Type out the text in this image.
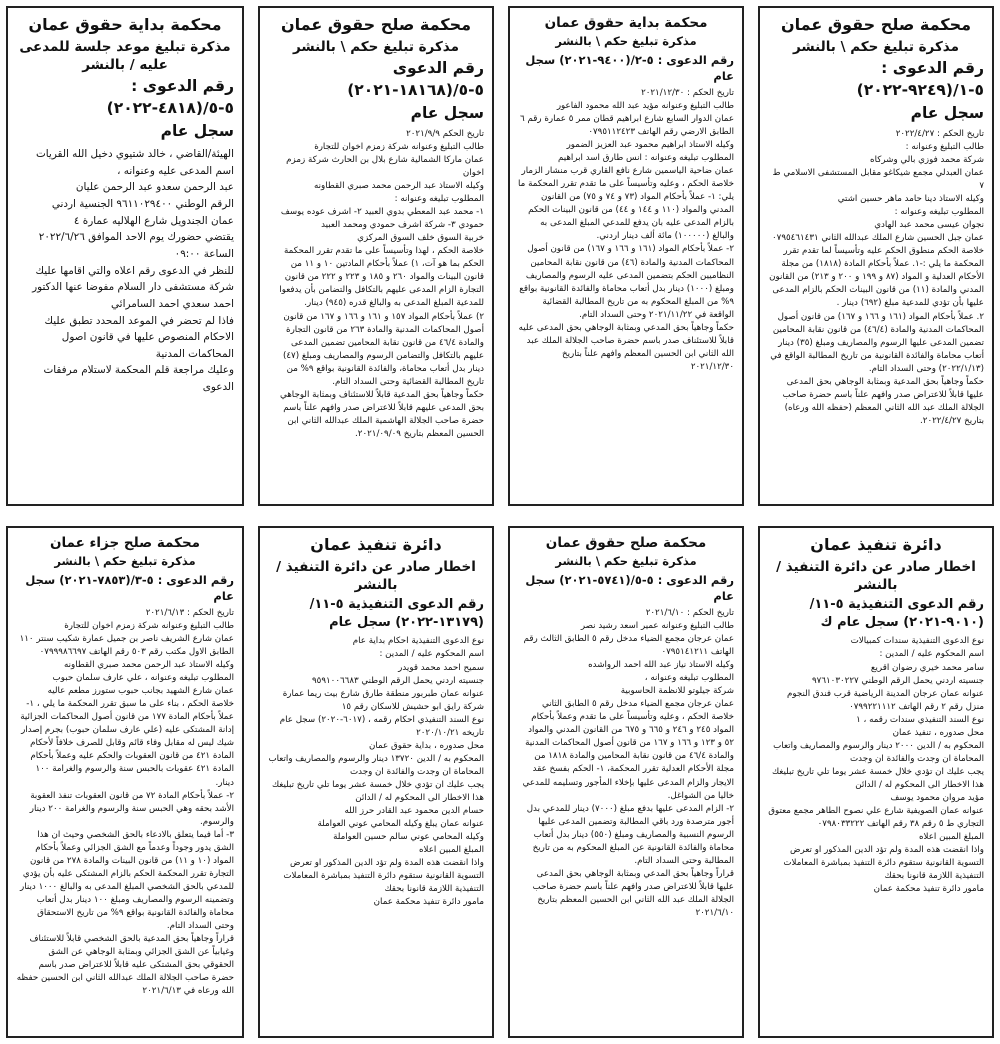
محكمة صلح حقوق عمان
مذكرة تبليغ حكم \ بالنشر
رقم الدعوى : ٥-١/(٩٢٤٩-٢٠٢٢)
سجل عام

تاريخ الحكم : ٢٠٢٢/٤/٢٧

طالب التبليغ وعنوانه :

شركة محمد فوزي بالي وشركاه

عمان العبدلي مجمع شيكاغو مقابل المستشفى الاسلامي ط ٧

وكيله الاستاذ دينا حامد ماهر حسين اشتي

المطلوب تبليغه وعنوانه :

نجوان عيسى محمد عبد الهادي

عمان جبل الحسين شارع الملك عبدالله الثاني ٠٧٩٥٤٦١٤٣١

خلاصة الحكم منطوق الحكم عليه وتأسيساً لما تقدم تقرر المحكمة ما يلي :-١. عملاً بأحكام المادة (١٨١٨) من مجلة الأحكام العدلية و المواد (٨٧ و ١٩٩ و ٢٠٠ و ٢١٣) من القانون المدني والمادة (١١) من قانون البينات الحكم بالزام المدعى عليها بأن تؤدي للمدعية مبلغ (٦٩٢) دينار .

٢. عملاً بأحكام المواد (١٦١ و ١٦٦ و ١٦٧) من قانون أصول المحاكمات المدنية والمادة (٤٦/٤) من قانون نقابة المحامين تضمين المدعى عليها الرسوم والمصاريف ومبلغ (٣٥) دينار أتعاب محاماة والفائدة القانونية من تاريخ المطالبة الواقع في (٢٠٢٢/١/١٣) وحتى السداد التام.

حكماً وجاهياً بحق المدعية وبمثابة الوجاهي بحق المدعى عليها قابلاً للاعتراض صدر وافهم علناً باسم حضرة صاحب الجلالة الملك عبد الله الثاني المعظم (حفظه الله ورعاه) بتاريخ ٢٠٢٢/٤/٢٧.

محكمة بداية حقوق عمان
مذكرة تبليغ حكم \ بالنشر
رقم الدعوى : ٥-٢/(٩٤٠٠-٢٠٢١) سجل عام

تاريخ الحكم : ٢٠٢١/١٢/٣٠

طالب التبليغ وعنوانه مؤيد عبد الله محمود الفاعور

عمان الدوار السابع شارع ابراهيم قطان ممر ٥ عمارة رقم ٦ الطابق الارضي رقم الهاتف ٠٧٩٥١١٢٤٢٣

وكيله الاستاذ ابراهيم محمود عبد العزيز الضمور

المطلوب تبليغه وعنوانه : انس طارق اسد ابراهيم

عمان ضاحية الياسمين شارع نافع القاري قرب منشار الزمار

خلاصة الحكم ، وعليه وتأسيساً على ما تقدم تقرر المحكمة ما يلي: ١- عملاً بأحكام المواد (٧٣ و ٧٤ و ٧٥) من القانون المدني والمواد (١١٠ و ١٤٤ و ٤٤) من قانون البينات الحكم بالزام المدعى عليه بان يدفع للمدعي المبلغ المدعى به والبالغ (١٠٠٠٠٠) مائة ألف دينار اردني.

٢- عملاً بأحكام المواد (١٦١ و ١٦٦ و ١٦٧) من قانون أصول المحاكمات المدنية والمادة (٤٦) من قانون نقابة المحامين النظاميين الحكم بتضمين المدعى عليه الرسوم والمصاريف ومبلغ (١٠٠٠) دينار بدل أتعاب محاماة والفائدة القانونية بواقع ٩% من المبلغ المحكوم به من تاريخ المطالبة القضائية الواقعة في ٢٠٢١/١١/٢٢ وحتى السداد التام.

حكماً وجاهياً بحق المدعي وبمثابة الوجاهي بحق المدعى عليه قابلاً للاستئناف صدر باسم حضرة صاحب الجلالة الملك عبد الله الثاني ابن الحسين المعظم وافهم علناً بتاريخ ٢٠٢١/١٢/٣٠

محكمة صلح حقوق عمان
مذكرة تبليغ حكم \ بالنشر
رقم الدعوى ٥-٥/(١٨١٦٨-٢٠٢١)
سجل عام

تاريخ الحكم ٢٠٢١/٩/٩

طالب التبليغ وعنوانه شركة زمزم اخوان للتجارة

عمان ماركا الشمالية شارع بلال بن الحارث شركة زمزم اخوان

وكيله الاستاذ عبد الرحمن محمد صبري القطاونه

المطلوب تبليغه وعنوانه :

١- محمد عبد المعطي بدوي العبيد ٢- اشرف عوده يوسف حمودي ٣- شركة اشرف حمودي ومحمد العبيد

خربية السوق خلف السوق المركزي

خلاصة الحكم ، لهذا وتأسيساً على ما تقدم تقرر المحكمة الحكم بما هو آت، ١) عملاً بأحكام المادتين ١٠ و ١١ من قانون البينات والمواد ٢٦٠ و ١٨٥ و ٢٢٣ و ٢٢٢ من قانون التجارة الزام المدعى عليهم بالتكافل والتضامن بأن يدفعوا للمدعية المبلغ المدعى به والبالغ قدره (٩٤٥) دينار.

٢) عملاً بأحكام المواد ١٥٧ و ١٦١ و ١٦٦ و ١٦٧ من قانون أصول المحاكمات المدنية والمادة ٢٦٣ من قانون التجارة والمادة ٤٦/٤ من قانون نقابة المحامين تضمين المدعى عليهم بالتكافل والتضامن الرسوم والمصاريف ومبلغ (٤٧) دينار بدل أتعاب محاماة، والفائدة القانونية بواقع ٩% من تاريخ المطالبة القضائية وحتى السداد التام.

حكماً وجاهياً بحق المدعية قابلاً للاستئناف وبمثابة الوجاهي بحق المدعى عليهم قابلاً للاعتراض صدر وافهم علناً باسم حضرة صاحب الجلالة الهاشمية الملك عبدالله الثاني ابن الحسين المعظم بتاريخ ٢٠٢١/٠٩/٠٩.

محكمة بداية حقوق عمان
مذكرة تبليغ موعد جلسة للمدعى عليه / بالنشر
رقم الدعوى : ٥-٥/(٤٨١٨-٢٠٢٢)
سجل عام

الهيئة/القاضي ، خالد شتيوي دخيل الله القريات

اسم المدعى عليه وعنوانه ،

عبد الرحمن سعدو عبد الرحمن عليان

الرقم الوطني ٩٦١١٠٢٩٤٠٠ الجنسية اردني

عمان الجندويل شارع الهلاليه عمارة ٤

يقتضي حضورك يوم الاحد الموافق ٢٠٢٢/٦/٢٦ الساعة ٠٩:٠٠

للنظر في الدعوى رقم اعلاه والتي اقامها عليك

شركة مستشفى دار السلام مفوضا عنها الدكتور احمد سعدي احمد السامرائي

فاذا لم تحضر في الموعد المحدد تطبق عليك الاحكام المنصوص عليها في قانون اصول المحاكمات المدنية

وعليك مراجعة قلم المحكمة لاستلام مرفقات الدعوى

دائرة تنفيذ عمان
اخطار صادر عن دائرة التنفيذ / بالنشر
رقم الدعوى التنفيذية ٥-١١/ (٩٠١٠-٢٠٢١) سجل عام ك

نوع الدعوى التنفيذية سندات كمبيالات

اسم المحكوم عليه / المدين :

سامر محمد خيري رضوان اقريع

جنسيته اردني يحمل الرقم الوطني ٩٧٦١٠٣٠٢٢٧

عنوانه عمان عرجان المدينة الرياضية قرب فندق النجوم منزل رقم ٢ رقم الهاتف ٠٧٩٩٢٢١١١٢

نوع السند التنفيذي سندات رقمه ، ١

محل صدوره ، تنفيذ عمان

المحكوم به / الدين ٢٠٠٠ دينار والرسوم والمصاريف واتعاب المحاماة ان وجدت والفائدة ان وجدت

يجب عليك ان تؤدي خلال خمسة عشر يوما تلي تاريخ تبليغك هذا الاخطار الى المحكوم له / الدائن

مؤيد مروان محمود يوسف

عنوانه عمان الصويفية شارع علي نصوح الطاهر مجمع معتوق التجاري ط ٥ رقم ٣٨ رقم الهاتف ٠٧٩٨٠٣٣٢٢٢

المبلغ المبين اعلاه

واذا انقضت هذه المدة ولم تؤد الدين المذكور او تعرض التسوية القانونية ستقوم دائرة التنفيذ بمباشرة المعاملات التنفيذية اللازمة قانونا بحقك

مامور دائرة تنفيذ محكمة عمان

محكمة صلح حقوق عمان
مذكرة تبليغ حكم \ بالنشر
رقم الدعوى : ٥-٥/(٥٧٤١-٢٠٢١) سجل عام

تاريخ الحكم : ٢٠٢١/٦/١٠

طالب التبليغ وعنوانه عمير اسعد رشيد نصر

عمان عرجان مجمع الضياء مدخل رقم ٥ الطابق الثالث رقم الهاتف ٠٧٩٥١٤١٢١١

وكيله الاستاذ نياز عبد الله احمد الرواشده

المطلوب تبليغه وعنوانه ،

شركة جيلوتو للانظمة الحاسوبية

عمان عرجان مجمع الضياء مدخل رقم ٥ الطابق الثاني

خلاصة الحكم ، وعليه وتأسيساً على ما تقدم وعملاً بأحكام المواد ٢٤٥ و ٢٤٦ و ٦٦٥ و ٦٧٥ من القانون المدني والمواد ٥٢ و ١٢٣ و ١٦٦ و ١٦٧ من قانون أصول المحاكمات المدنية والمادة ٤٦/٤ من قانون نقابة المحامين والمادة ١٨١٨ من مجلة الأحكام العدلية تقرر المحكمة، ١- الحكم بفسخ عقد الايجار والزام المدعى عليها بإخلاء المأجور وتسليمه للمدعي خاليا من الشواغل.

٢- الزام المدعى عليها بدفع مبلغ (٧٠٠٠) دينار للمدعي بدل أجور مترصدة ورد باقي المطالبة وتضمين المدعى عليها الرسوم النسبية والمصاريف ومبلغ (٥٥٠) دينار بدل أتعاب محاماة والفائدة القانونية عن المبلغ المحكوم به من تاريخ المطالبة وحتى السداد التام.

قراراً وجاهياً بحق المدعي وبمثابة الوجاهي بحق المدعى عليها قابلاً للاعتراض صدر وافهم علناً باسم حضرة صاحب الجلالة الملك عبد الله الثاني ابن الحسين المعظم بتاريخ ٢٠٢١/٦/١٠

دائرة تنفيذ عمان
اخطار صادر عن دائرة التنفيذ / بالنشر
رقم الدعوى التنفيذية ٥-١١/ (١٣١٧٩-٢٠٢٢) سجل عام

نوع الدعوى التنفيذية احكام بداية عام

اسم المحكوم عليه / المدين :

سميح احمد محمد قويدر

جنسيته اردني يحمل الرقم الوطني ٩٥٩١٠٠٦٦٨٣

عنوانه عمان طبربور منطقة طارق شارع بيت ريما عمارة شركة رايق ابو حشيش للاسكان رقم ١٥

نوع السند التنفيذي احكام رقمه ، (٦٠١٧-٢٠٢٠) سجل عام تاريخه ٢٠٢٠/١٠/٢١

محل صدوره ، بداية حقوق عمان

المحكوم به / الدين ١٣٧٢٠ دينار والرسوم والمصاريف واتعاب المحاماة ان وجدت والفائدة ان وجدت

يجب عليك ان تؤدي خلال خمسة عشر يوما تلي تاريخ تبليغك هذا الاخطار الى المحكوم له / الدائن

حسام الدين محمود عبد القادر حرز الله

عنوانه عمان يبلغ وكيله المحامي عوني العواملة

وكيله المحامي عوني سالم حسين العواملة

المبلغ المبين اعلاه

واذا انقضت هذه المدة ولم تؤد الدين المذكور او تعرض التسوية القانونية ستقوم دائرة التنفيذ بمباشرة المعاملات التنفيذية اللازمة قانونا بحقك

مامور دائرة تنفيذ محكمة عمان

محكمة صلح جزاء عمان
مذكرة تبليغ حكم \ بالنشر
رقم الدعوى : ٥-٣/(٧٨٥٣-٢٠٢١) سجل عام

تاريخ الحكم : ٢٠٢١/٦/١٣

طالب التبليغ وعنوانه شركة زمزم اخوان للتجارة

عمان شارع الشريف ناصر بن جميل عمارة شكيب سنتر ١١٠ الطابق الاول مكتب رقم ٥٠٣ رقم الهاتف ٠٧٩٩٩٨٦٦٩٧

وكيله الاستاذ عبد الرحمن محمد صبري القطاونه

المطلوب تبليغه وعنوانه ، علي عارف سلمان حبوب

عمان شارع الشهيد بجانب حبوب ستورز مطعم عاليه

خلاصة الحكم ، بناء على ما سبق تقرر المحكمة ما يلي ، ١- عملاً بأحكام المادة ١٧٧ من قانون أصول المحاكمات الجزائية إدانة المشتكى عليه (علي عارف سلمان حبوب) بجرم إصدار شيك ليس له مقابل وفاء قائم وقابل للصرف خلافاً لأحكام المادة ٤٢١ من قانون العقوبات والحكم عليه وعملاً بأحكام المادة ٤٢١ عقوبات بالحبس سنة والرسوم والغرامة ١٠٠ دينار.

٢- عملاً بأحكام المادة ٧٢ من قانون العقوبات تنفذ العقوبة الأشد بحقه وهي الحبس سنة والرسوم والغرامة ٢٠٠ دينار والرسوم.

٣- أما فيما يتعلق بالادعاء بالحق الشخصي وحيث ان هذا الشق يدور وجوداً وعدماً مع الشق الجزائي وعملاً بأحكام المواد (١٠ و ١١) من قانون البينات والمادة ٢٧٨ من قانون التجارة تقرر المحكمة الحكم بالزام المشتكى عليه بأن يؤدي للمدعي بالحق الشخصي المبلغ المدعى به والبالغ ١٠٠٠ دينار وتضمينه الرسوم والمصاريف ومبلغ ١٠٠ دينار بدل أتعاب محاماة والفائدة القانونية بواقع ٩% من تاريخ الاستحقاق وحتى السداد التام.

قراراً وجاهياً بحق المدعية بالحق الشخصي قابلاً للاستئناف وغيابياً عن الشق الجزائي وبمثابة الوجاهي عن الشق الحقوقي بحق المشتكى عليه قابلاً للاعتراض صدر باسم حضرة صاحب الجلالة الملك عبدالله الثاني ابن الحسين حفظه الله ورعاه في ٢٠٢١/٦/١٣
